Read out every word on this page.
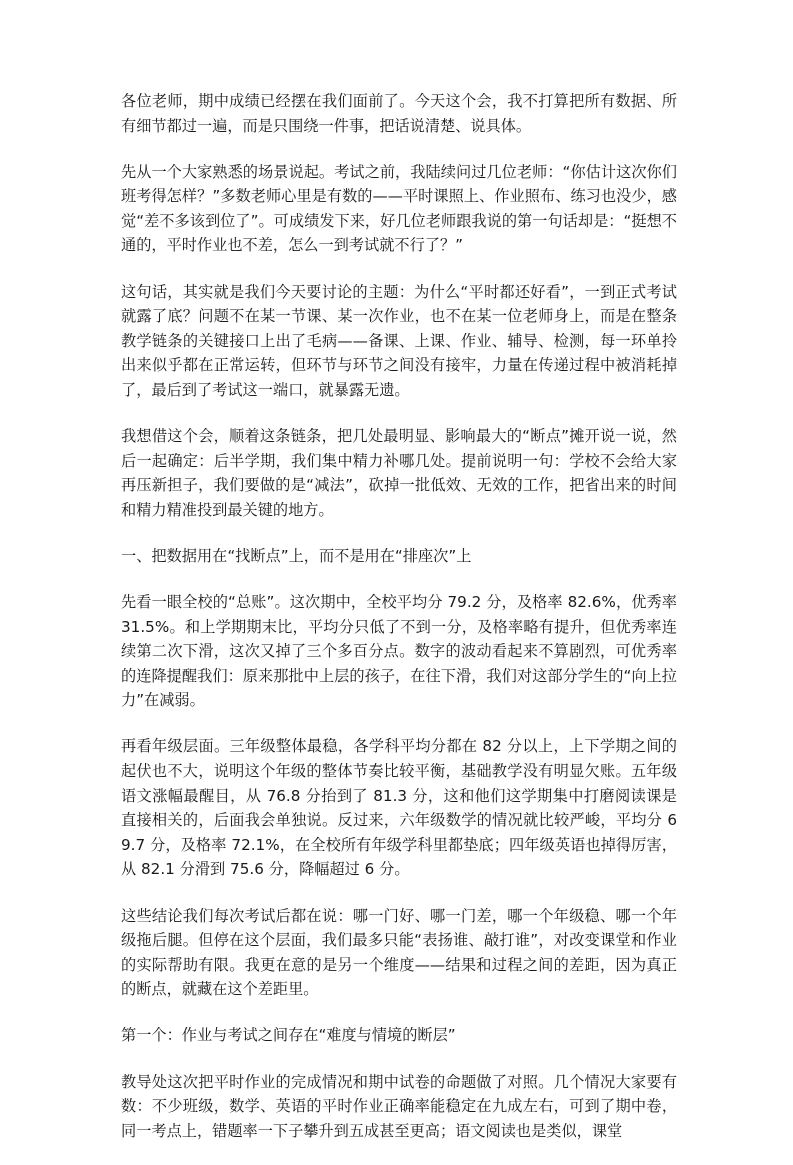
各位老师，期中成绩已经摆在我们面前了。今天这个会，我不打算把所有数据、所有细节都过一遍，而是只围绕一件事，把话说清楚、说具体。

先从一个大家熟悉的场景说起。考试之前，我陆续问过几位老师：“你估计这次你们班考得怎样？”多数老师心里是有数的——平时课照上、作业照布、练习也没少，感觉“差不多该到位了”。可成绩发下来，好几位老师跟我说的第一句话却是：“挺想不通的，平时作业也不差，怎么一到考试就不行了？”

这句话，其实就是我们今天要讨论的主题：为什么“平时都还好看”，一到正式考试就露了底？问题不在某一节课、某一次作业，也不在某一位老师身上，而是在整条教学链条的关键接口上出了毛病——备课、上课、作业、辅导、检测，每一环单拎出来似乎都在正常运转，但环节与环节之间没有接牢，力量在传递过程中被消耗掉了，最后到了考试这一端口，就暴露无遗。

我想借这个会，顺着这条链条，把几处最明显、影响最大的“断点”摊开说一说，然后一起确定：后半学期，我们集中精力补哪几处。提前说明一句：学校不会给大家再压新担子，我们要做的是“减法”，砍掉一批低效、无效的工作，把省出来的时间和精力精准投到最关键的地方。

一、把数据用在“找断点”上，而不是用在“排座次”上

先看一眼全校的“总账”。这次期中，全校平均分 79.2 分，及格率 82.6%，优秀率 31.5%。和上学期期末比，平均分只低了不到一分，及格率略有提升，但优秀率连续第二次下滑，这次又掉了三个多百分点。数字的波动看起来不算剧烈，可优秀率的连降提醒我们：原来那批中上层的孩子，在往下滑，我们对这部分学生的“向上拉力”在减弱。

再看年级层面。三年级整体最稳，各学科平均分都在 82 分以上，上下学期之间的起伏也不大，说明这个年级的整体节奏比较平衡，基础教学没有明显欠账。五年级语文涨幅最醒目，从 76.8 分抬到了 81.3 分，这和他们这学期集中打磨阅读课是直接相关的，后面我会单独说。反过来，六年级数学的情况就比较严峻，平均分 69.7 分，及格率 72.1%，在全校所有年级学科里都垫底；四年级英语也掉得厉害，从 82.1 分滑到 75.6 分，降幅超过 6 分。

这些结论我们每次考试后都在说：哪一门好、哪一门差，哪一个年级稳、哪一个年级拖后腿。但停在这个层面，我们最多只能“表扬谁、敲打谁”，对改变课堂和作业的实际帮助有限。我更在意的是另一个维度——结果和过程之间的差距，因为真正的断点，就藏在这个差距里。

第一个：作业与考试之间存在“难度与情境的断层”

教导处这次把平时作业的完成情况和期中试卷的命题做了对照。几个情况大家要有数：不少班级，数学、英语的平时作业正确率能稳定在九成左右，可到了期中卷，同一考点上，错题率一下子攀升到五成甚至更高；语文阅读也是类似，课堂
